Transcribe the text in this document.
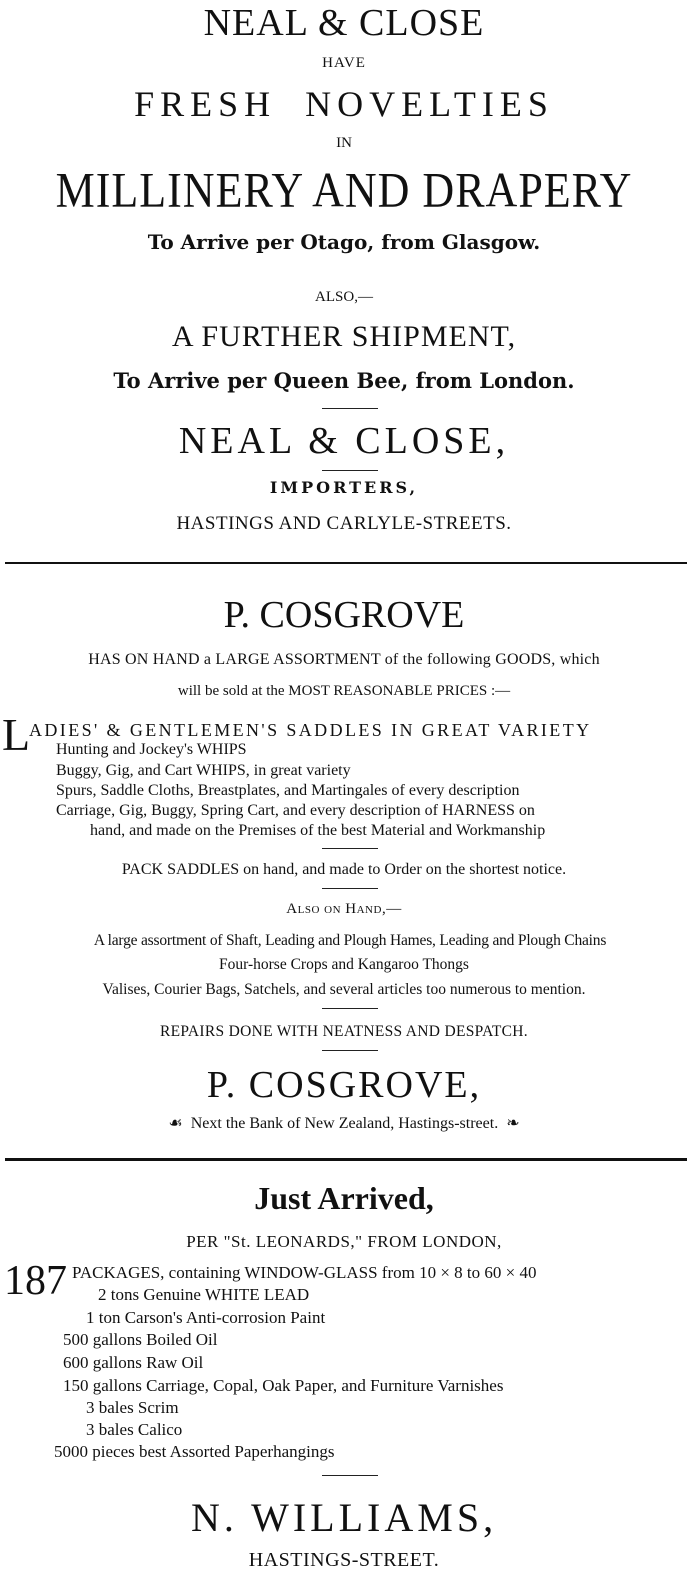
NEAL & CLOSE
HAVE
FRESH NOVELTIES
IN
MILLINERY AND DRAPERY
To Arrive per Otago, from Glasgow.
ALSO,—
A FURTHER SHIPMENT,
To Arrive per Queen Bee, from London.
NEAL & CLOSE,
IMPORTERS,
HASTINGS AND CARLYLE-STREETS.
P. COSGROVE
HAS ON HAND a LARGE ASSORTMENT of the following GOODS, which
will be sold at the MOST REASONABLE PRICES :—
L
ADIES' & GENTLEMEN'S SADDLES IN GREAT VARIETY
Hunting and Jockey's WHIPS
Buggy, Gig, and Cart WHIPS, in great variety
Spurs, Saddle Cloths, Breastplates, and Martingales of every description
Carriage, Gig, Buggy, Spring Cart, and every description of HARNESS on
hand, and made on the Premises of the best Material and Workmanship
PACK SADDLES on hand, and made to Order on the shortest notice.
Also on Hand,—
A large assortment of Shaft, Leading and Plough Hames, Leading and Plough Chains
Four-horse Crops and Kangaroo Thongs
Valises, Courier Bags, Satchels, and several articles too numerous to mention.
REPAIRS DONE WITH NEATNESS AND DESPATCH.
P. COSGROVE,
☙ Next the Bank of New Zealand, Hastings-street. ❧
Just Arrived,
PER "St. LEONARDS," FROM LONDON,
187 PACKAGES, containing WINDOW-GLASS from 10 × 8 to 60 × 40
2 tons Genuine WHITE LEAD
1 ton Carson's Anti-corrosion Paint
500 gallons Boiled Oil
600 gallons Raw Oil
150 gallons Carriage, Copal, Oak Paper, and Furniture Varnishes
3 bales Scrim
3 bales Calico
5000 pieces best Assorted Paperhangings
N. WILLIAMS,
HASTINGS-STREET.
